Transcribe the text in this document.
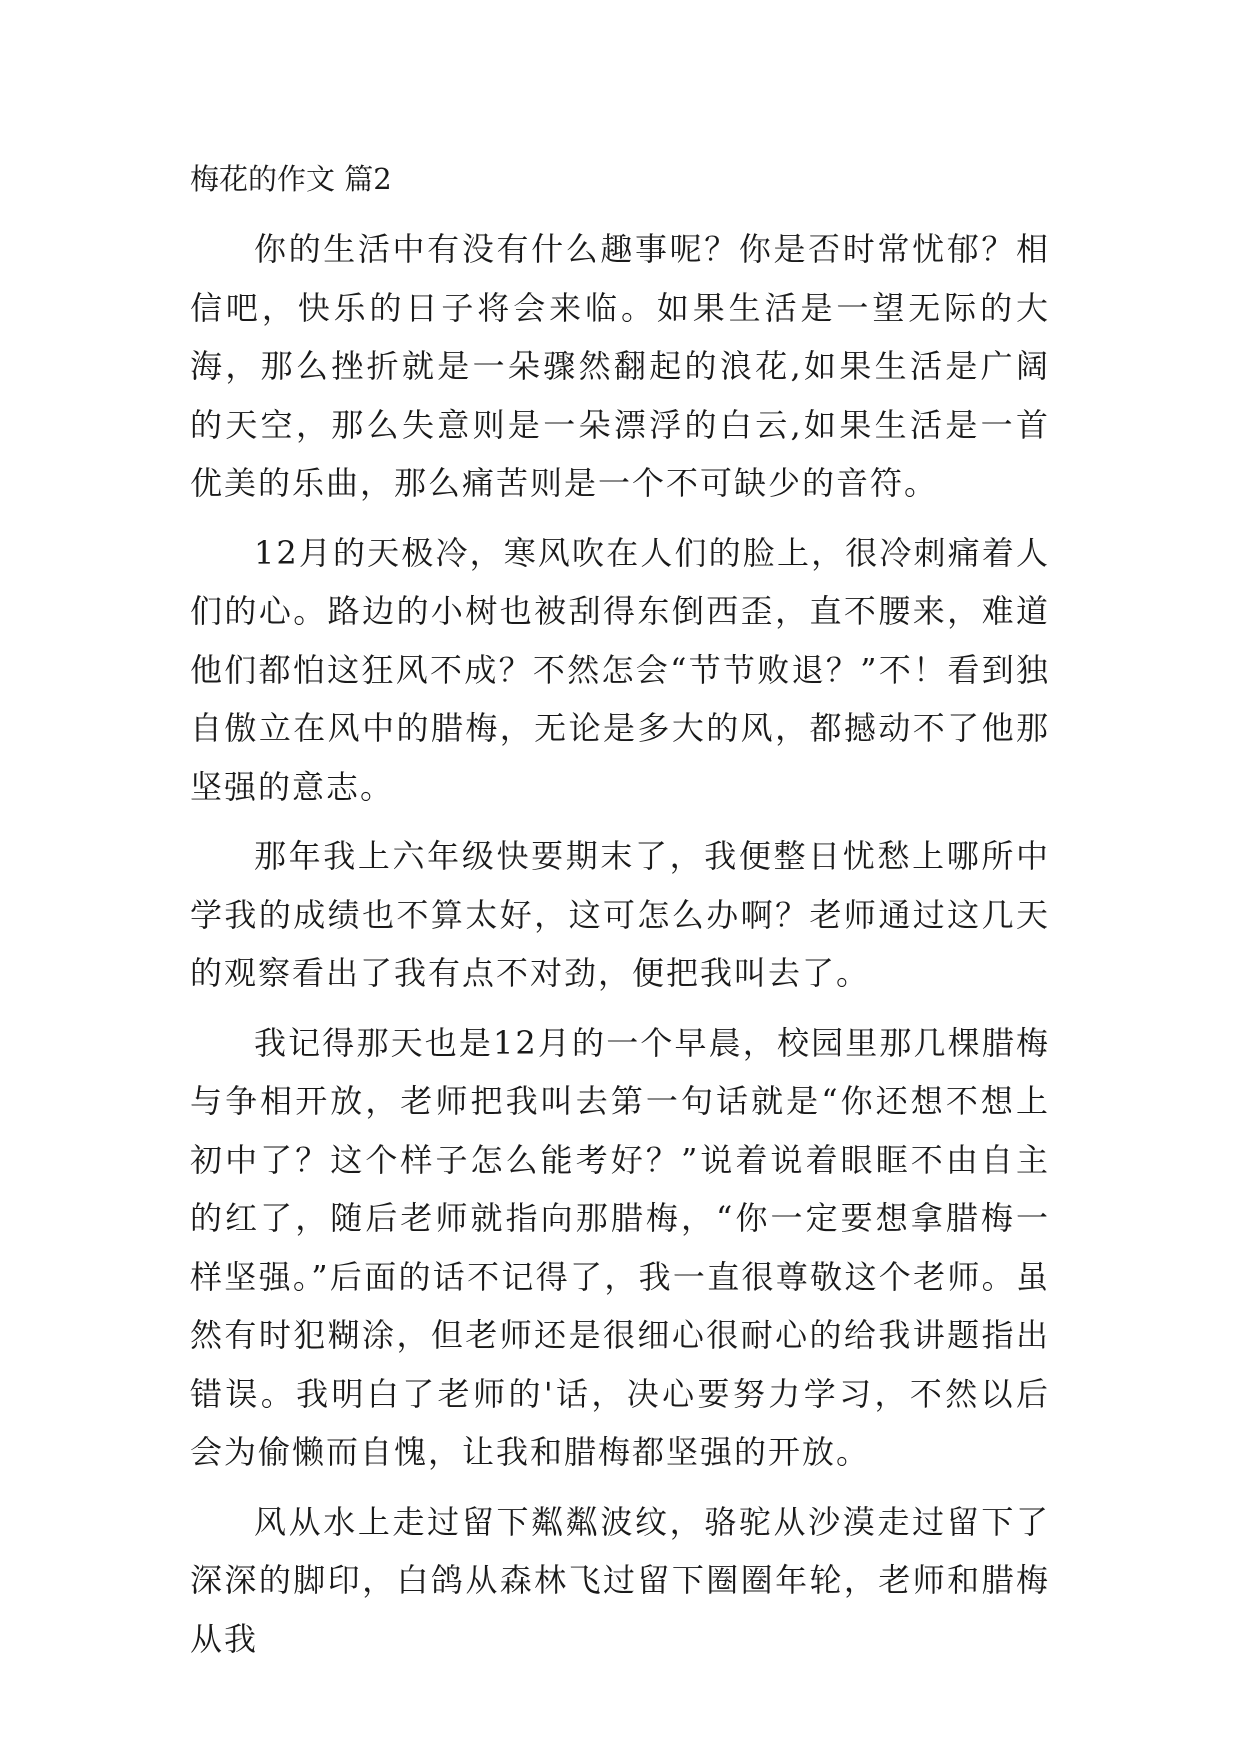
梅花的作文 篇2

你的生活中有没有什么趣事呢？你是否时常忧郁？相信吧，快乐的日子将会来临。如果生活是一望无际的大海，那么挫折就是一朵骤然翻起的浪花,如果生活是广阔的天空，那么失意则是一朵漂浮的白云,如果生活是一首优美的乐曲，那么痛苦则是一个不可缺少的音符。

12月的天极冷，寒风吹在人们的脸上，很冷刺痛着人们的心。路边的小树也被刮得东倒西歪，直不腰来，难道他们都怕这狂风不成？不然怎会“节节败退？”不！看到独自傲立在风中的腊梅，无论是多大的风，都撼动不了他那坚强的意志。

那年我上六年级快要期末了，我便整日忧愁上哪所中学我的成绩也不算太好，这可怎么办啊？老师通过这几天的观察看出了我有点不对劲，便把我叫去了。

我记得那天也是12月的一个早晨，校园里那几棵腊梅与争相开放，老师把我叫去第一句话就是“你还想不想上初中了？这个样子怎么能考好？”说着说着眼眶不由自主的红了，随后老师就指向那腊梅，“你一定要想拿腊梅一样坚强。”后面的话不记得了，我一直很尊敬这个老师。虽然有时犯糊涂，但老师还是很细心很耐心的给我讲题指出错误。我明白了老师的'话，决心要努力学习，不然以后会为偷懒而自愧，让我和腊梅都坚强的开放。

风从水上走过留下粼粼波纹，骆驼从沙漠走过留下了深深的脚印，白鸽从森林飞过留下圈圈年轮，老师和腊梅从我
